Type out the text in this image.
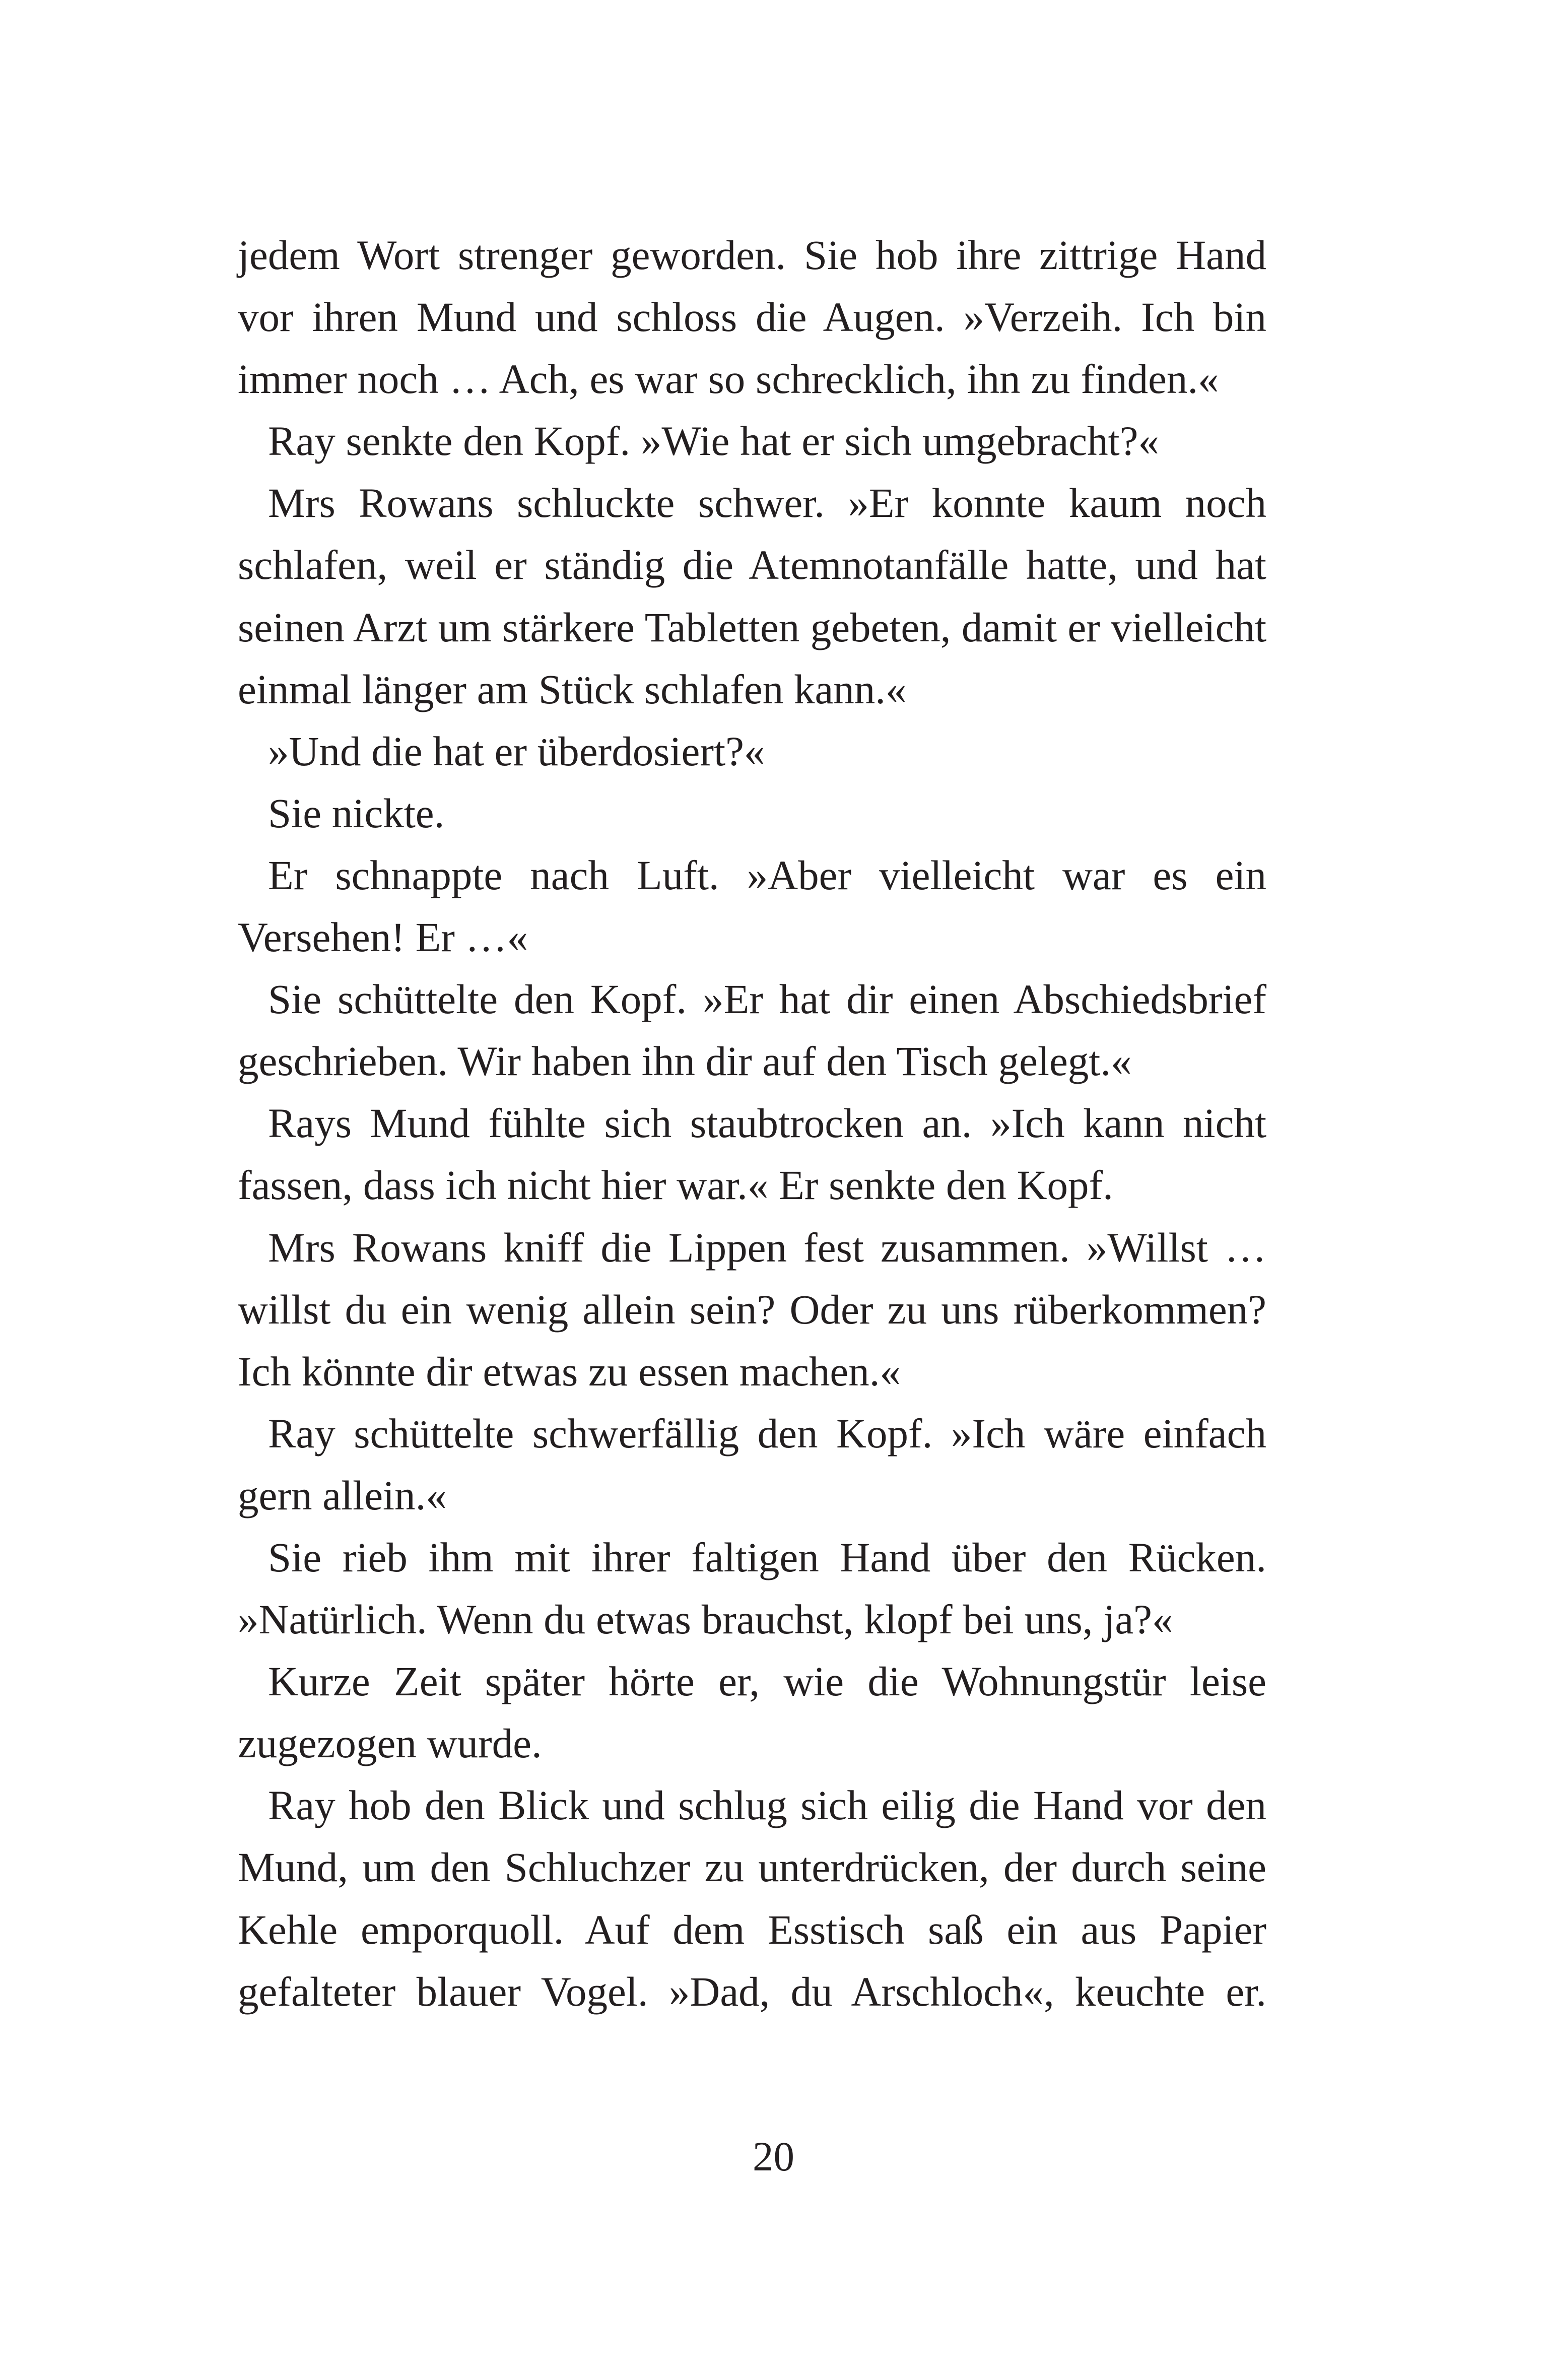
jedem Wort strenger geworden. Sie hob ihre zittrige Hand vor ihren Mund und schloss die Augen. »Verzeih. Ich bin immer noch … Ach, es war so schrecklich, ihn zu finden.«

Ray senkte den Kopf. »Wie hat er sich umgebracht?«

Mrs Rowans schluckte schwer. »Er konnte kaum noch schlafen, weil er ständig die Atemnotanfälle hatte, und hat seinen Arzt um stärkere Tabletten gebeten, damit er vielleicht einmal länger am Stück schlafen kann.«

»Und die hat er überdosiert?«

Sie nickte.

Er schnappte nach Luft. »Aber vielleicht war es ein Versehen! Er …«

Sie schüttelte den Kopf. »Er hat dir einen Abschiedsbrief geschrieben. Wir haben ihn dir auf den Tisch gelegt.«

Rays Mund fühlte sich staubtrocken an. »Ich kann nicht fassen, dass ich nicht hier war.« Er senkte den Kopf.

Mrs Rowans kniff die Lippen fest zusammen. »Willst … willst du ein wenig allein sein? Oder zu uns rüberkommen? Ich könnte dir etwas zu essen machen.«

Ray schüttelte schwerfällig den Kopf. »Ich wäre einfach gern allein.«

Sie rieb ihm mit ihrer faltigen Hand über den Rücken. »Natürlich. Wenn du etwas brauchst, klopf bei uns, ja?«

Kurze Zeit später hörte er, wie die Wohnungstür leise zugezogen wurde.

Ray hob den Blick und schlug sich eilig die Hand vor den Mund, um den Schluchzer zu unterdrücken, der durch seine Kehle emporquoll. Auf dem Esstisch saß ein aus Papier gefalteter blauer Vogel. »Dad, du Arschloch«, keuchte er.

20
